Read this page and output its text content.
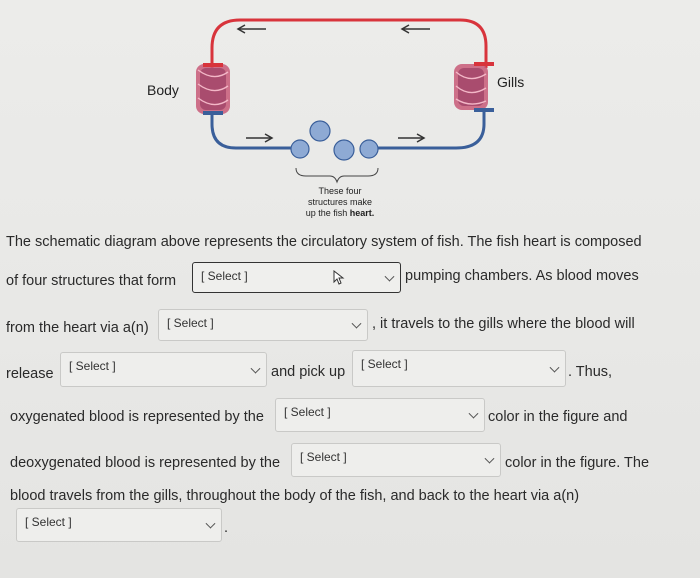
Body	Gills
These four
structures make
up the fish heart.
The schematic diagram above represents the circulatory system of fish. The fish heart is composed
of four structures that form [ Select ]	pumping chambers. As blood moves
from the heart via a(n) [ Select ]	, it travels to the gills where the blood will
release [ Select ]	and pick up [ Select ]	. Thus,
oxygenated blood is represented by the [ Select ]	color in the figure and
deoxygenated blood is represented by the [ Select ]	color in the figure. The
blood travels from the gills, throughout the body of the fish, and back to the heart via a(n)
[ Select ]	.
